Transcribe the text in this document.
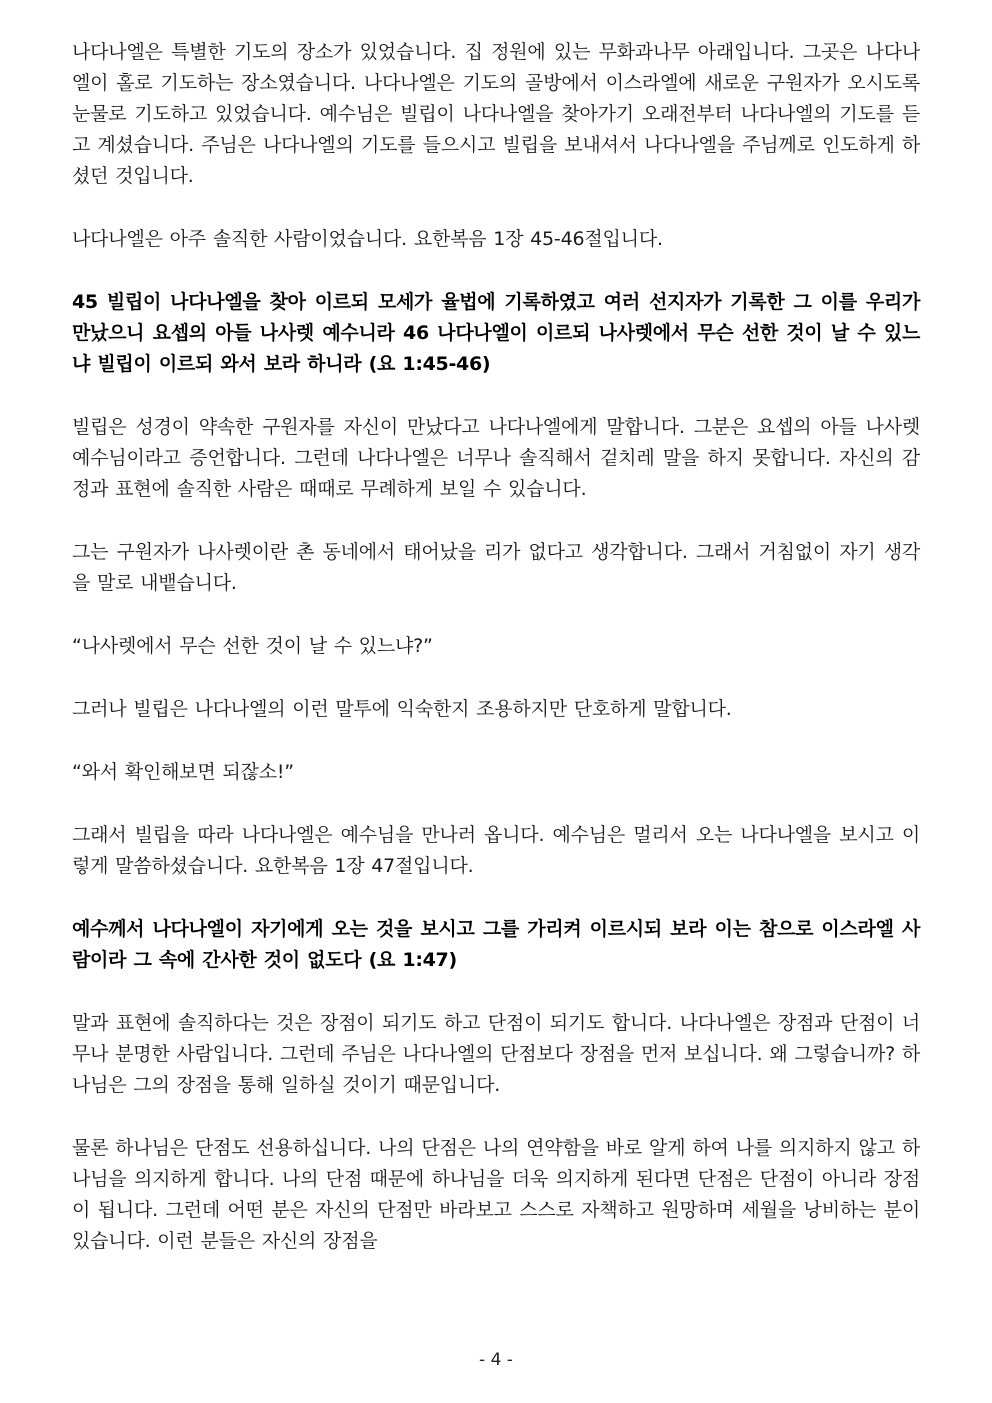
나다나엘은 특별한 기도의 장소가 있었습니다. 집 정원에 있는 무화과나무 아래입니다. 그곳은 나다나엘이 홀로 기도하는 장소였습니다. 나다나엘은 기도의 골방에서 이스라엘에 새로운 구원자가 오시도록 눈물로 기도하고 있었습니다. 예수님은 빌립이 나다나엘을 찾아가기 오래전부터 나다나엘의 기도를 듣고 계셨습니다. 주님은 나다나엘의 기도를 들으시고 빌립을 보내셔서 나다나엘을 주님께로 인도하게 하셨던 것입니다.

나다나엘은 아주 솔직한 사람이었습니다. 요한복음 1장 45-46절입니다.

45 빌립이 나다나엘을 찾아 이르되 모세가 율법에 기록하였고 여러 선지자가 기록한 그 이를 우리가 만났으니 요셉의 아들 나사렛 예수니라 46 나다나엘이 이르되 나사렛에서 무슨 선한 것이 날 수 있느냐 빌립이 이르되 와서 보라 하니라 (요 1:45-46)

빌립은 성경이 약속한 구원자를 자신이 만났다고 나다나엘에게 말합니다. 그분은 요셉의 아들 나사렛 예수님이라고 증언합니다. 그런데 나다나엘은 너무나 솔직해서 겉치레 말을 하지 못합니다. 자신의 감정과 표현에 솔직한 사람은 때때로 무례하게 보일 수 있습니다.

그는 구원자가 나사렛이란 촌 동네에서 태어났을 리가 없다고 생각합니다. 그래서 거침없이 자기 생각을 말로 내뱉습니다.

“나사렛에서 무슨 선한 것이 날 수 있느냐?”

그러나 빌립은 나다나엘의 이런 말투에 익숙한지 조용하지만 단호하게 말합니다.

“와서 확인해보면 되잖소!”

그래서 빌립을 따라 나다나엘은 예수님을 만나러 옵니다. 예수님은 멀리서 오는 나다나엘을 보시고 이렇게 말씀하셨습니다. 요한복음 1장 47절입니다.

예수께서 나다나엘이 자기에게 오는 것을 보시고 그를 가리켜 이르시되 보라 이는 참으로 이스라엘 사람이라 그 속에 간사한 것이 없도다 (요 1:47)

말과 표현에 솔직하다는 것은 장점이 되기도 하고 단점이 되기도 합니다. 나다나엘은 장점과 단점이 너무나 분명한 사람입니다. 그런데 주님은 나다나엘의 단점보다 장점을 먼저 보십니다. 왜 그렇습니까? 하나님은 그의 장점을 통해 일하실 것이기 때문입니다.

물론 하나님은 단점도 선용하십니다. 나의 단점은 나의 연약함을 바로 알게 하여 나를 의지하지 않고 하나님을 의지하게 합니다. 나의 단점 때문에 하나님을 더욱 의지하게 된다면 단점은 단점이 아니라 장점이 됩니다. 그런데 어떤 분은 자신의 단점만 바라보고 스스로 자책하고 원망하며 세월을 낭비하는 분이 있습니다. 이런 분들은 자신의 장점을

- 4 -
